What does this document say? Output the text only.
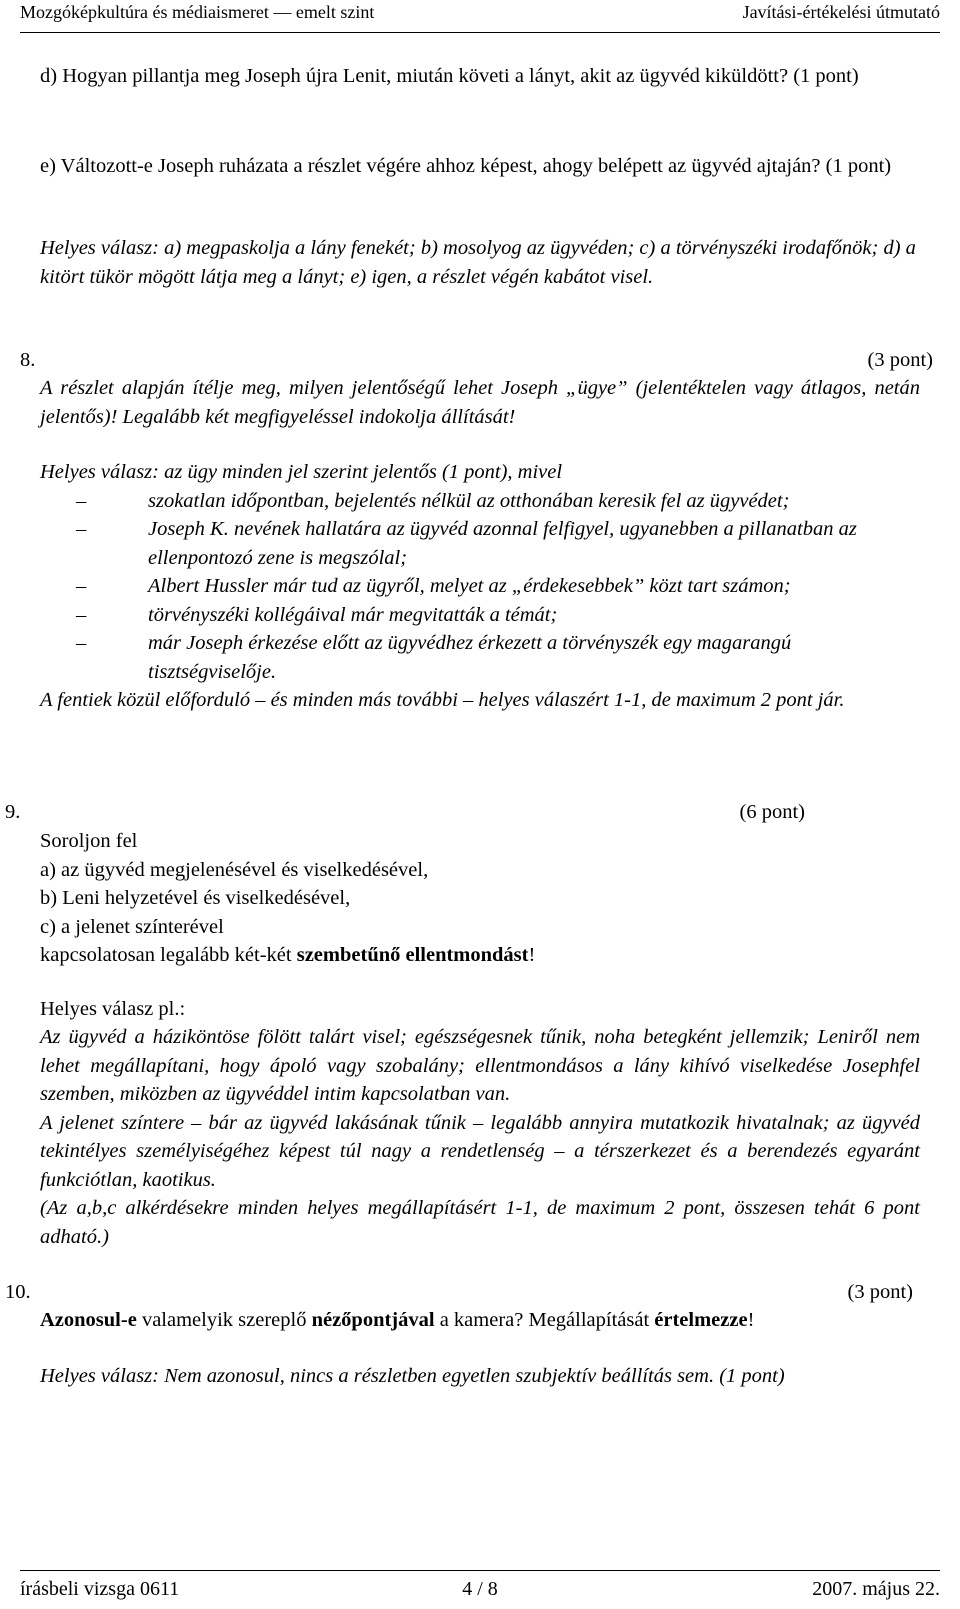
Mozgóképkultúra és médiaismeret — emelt szint	Javítási-értékelési útmutató

d) Hogyan pillantja meg Joseph újra Lenit, miután követi a lányt, akit az ügyvéd kiküldött? (1 pont)

e) Változott-e Joseph ruházata a részlet végére ahhoz képest, ahogy belépett az ügyvéd ajtaján? (1 pont)

Helyes válasz: a) megpaskolja a lány fenekét; b) mosolyog az ügyvéden; c) a törvényszéki irodafőnök; d) a kitört tükör mögött látja meg a lányt; e) igen, a részlet végén kabátot visel.

8.	(3 pont)

A részlet alapján ítélje meg, milyen jelentőségű lehet Joseph „ügye” (jelentéktelen vagy átlagos, netán jelentős)! Legalább két megfigyeléssel indokolja állítását!

Helyes válasz: az ügy minden jel szerint jelentős (1 pont), mivel

–	szokatlan időpontban, bejelentés nélkül az otthonában keresik fel az ügyvédet;
–	Joseph K. nevének hallatára az ügyvéd azonnal felfigyel, ugyanebben a pillanatban az ellenpontozó zene is megszólal;
–	Albert Hussler már tud az ügyről, melyet az „érdekesebbek” közt tart számon;
–	törvényszéki kollégáival már megvitatták a témát;
–	már Joseph érkezése előtt az ügyvédhez érkezett a törvényszék egy magarangú tisztségviselője.

A fentiek közül előforduló – és minden más további – helyes válaszért 1-1, de maximum 2 pont jár.

9.	(6 pont)

Soroljon fel

a) az ügyvéd megjelenésével és viselkedésével,

b) Leni helyzetével és viselkedésével,

c) a jelenet színterével

kapcsolatosan legalább két-két szembetűnő ellentmondást!

Helyes válasz pl.:

Az ügyvéd a háziköntöse fölött talárt visel; egészségesnek tűnik, noha betegként jellemzik; Leniről nem lehet megállapítani, hogy ápoló vagy szobalány; ellentmondásos a lány kihívó viselkedése Josephfel szemben, miközben az ügyvéddel intim kapcsolatban van.

A jelenet színtere – bár az ügyvéd lakásának tűnik – legalább annyira mutatkozik hivatalnak; az ügyvéd tekintélyes személyiségéhez képest túl nagy a rendetlenség – a térszerkezet és a berendezés egyaránt funkciótlan, kaotikus.

(Az a,b,c alkérdésekre minden helyes megállapításért 1-1, de maximum 2 pont, összesen tehát 6 pont adható.)

10.	(3 pont)

Azonosul-e valamelyik szereplő nézőpontjával a kamera? Megállapítását értelmezze!

Helyes válasz: Nem azonosul, nincs a részletben egyetlen szubjektív beállítás sem. (1 pont)

írásbeli vizsga 0611	4 / 8	2007. május 22.
